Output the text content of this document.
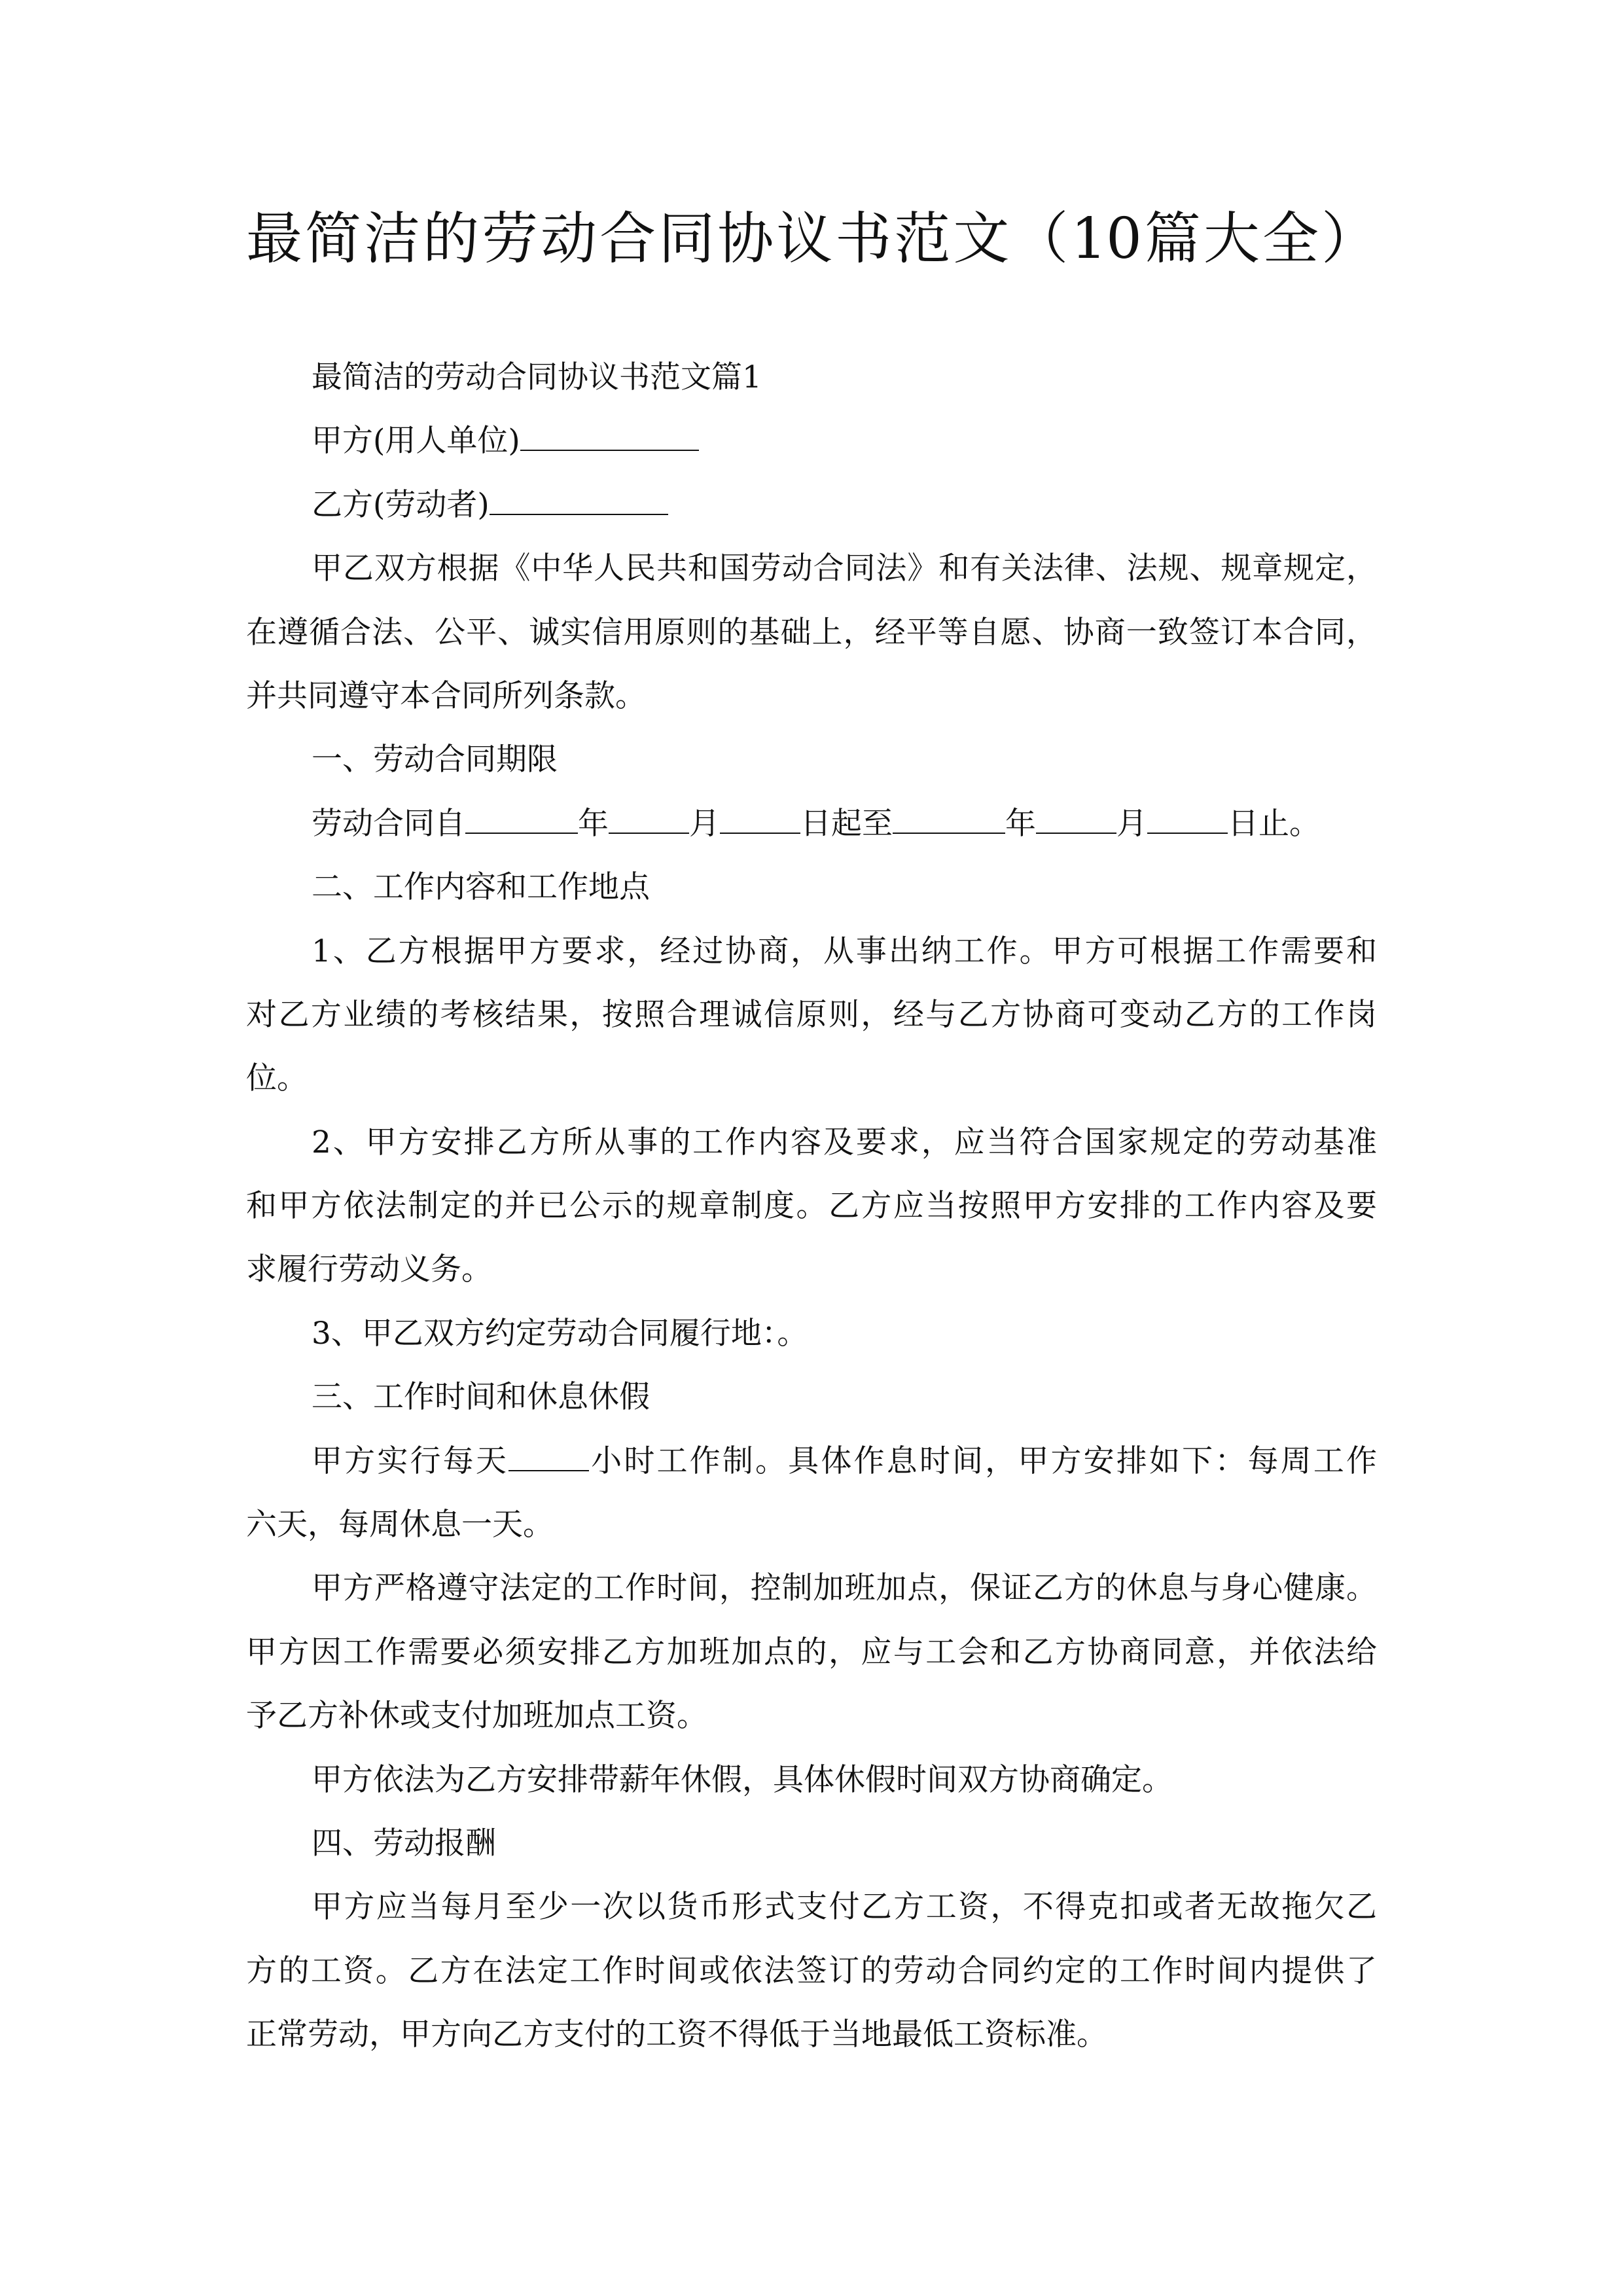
最简洁的劳动合同协议书范文（10篇大全）
最简洁的劳动合同协议书范文篇1
甲方(用人单位)
乙方(劳动者)
甲乙双方根据《中华人民共和国劳动合同法》和有关法律、法规、规章规定，
在遵循合法、公平、诚实信用原则的基础上，经平等自愿、协商一致签订本合同，
并共同遵守本合同所列条款。
一、劳动合同期限
劳动合同自	年	月	日起至	年	月	日止。
二、工作内容和工作地点
1、乙方根据甲方要求，经过协商，从事出纳工作。甲方可根据工作需要和
对乙方业绩的考核结果，按照合理诚信原则，经与乙方协商可变动乙方的工作岗
位。
2、甲方安排乙方所从事的工作内容及要求，应当符合国家规定的劳动基准
和甲方依法制定的并已公示的规章制度。乙方应当按照甲方安排的工作内容及要
求履行劳动义务。
3、甲乙双方约定劳动合同履行地：。
三、工作时间和休息休假
甲方实行每天	小时工作制。具体作息时间，甲方安排如下：每周工作
六天，每周休息一天。
甲方严格遵守法定的工作时间，控制加班加点，保证乙方的休息与身心健康。
甲方因工作需要必须安排乙方加班加点的，应与工会和乙方协商同意，并依法给
予乙方补休或支付加班加点工资。
甲方依法为乙方安排带薪年休假，具体休假时间双方协商确定。
四、劳动报酬
甲方应当每月至少一次以货币形式支付乙方工资，不得克扣或者无故拖欠乙
方的工资。乙方在法定工作时间或依法签订的劳动合同约定的工作时间内提供了
正常劳动，甲方向乙方支付的工资不得低于当地最低工资标准。
